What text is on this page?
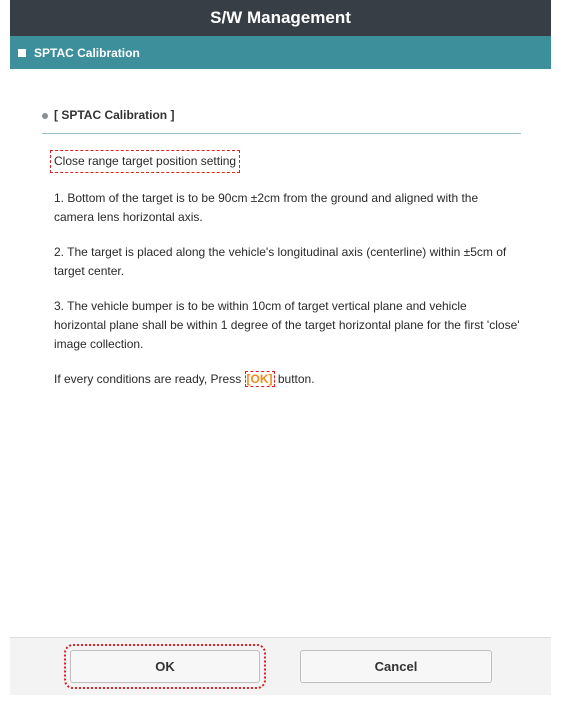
S/W Management
SPTAC Calibration
[ SPTAC Calibration ]
Close range target position setting

1. Bottom of the target is to be 90cm ±2cm from the ground and aligned with the camera lens horizontal axis.

2. The target is placed along the vehicle's longitudinal axis (centerline) within ±5cm of target center.

3. The vehicle bumper is to be within 10cm of target vertical plane and vehicle horizontal plane shall be within 1 degree of the target horizontal plane for the first 'close' image collection.

If every conditions are ready, Press [OK] button.

OK	Cancel
